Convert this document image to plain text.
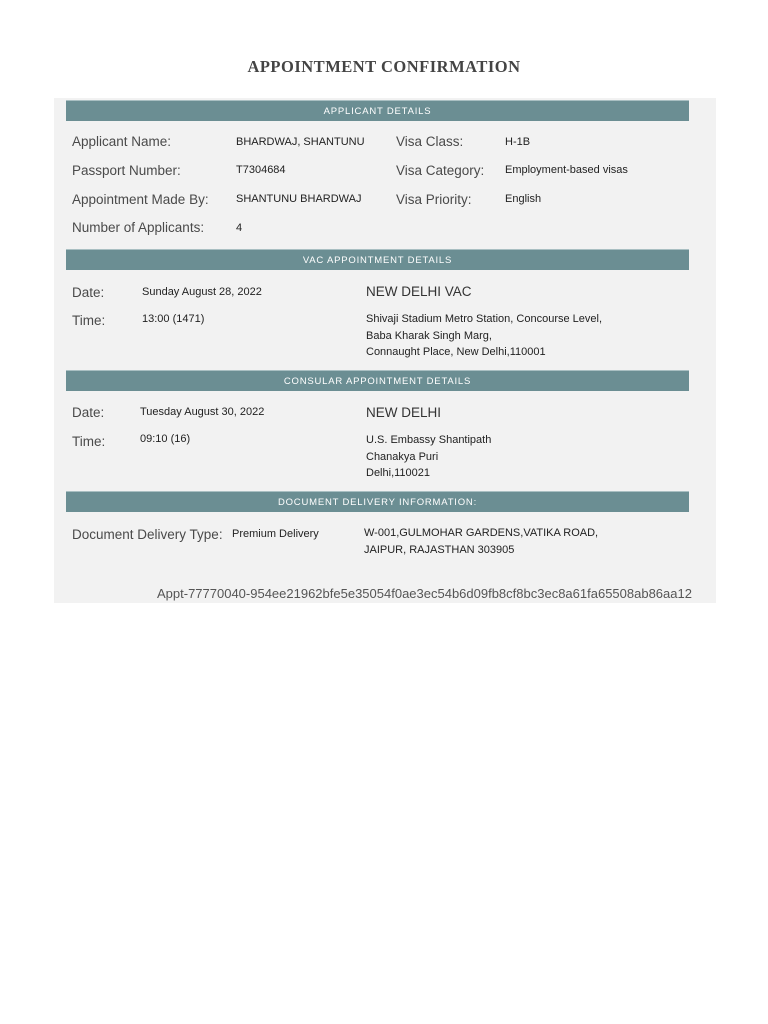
APPOINTMENT CONFIRMATION
APPLICANT DETAILS
Applicant Name:	BHARDWAJ, SHANTUNU Visa Class:	H-1B
Passport Number:	T7304684	Visa Category: Employment-based visas
Appointment Made By: SHANTUNU BHARDWAJ	Visa Priority:	English
Number of Applicants:	4
VAC APPOINTMENT DETAILS
Date:	Sunday August 28, 2022	NEW DELHI VAC
Time:	13:00 (1471)	Shivaji Stadium Metro Station, Concourse Level,
Baba Kharak Singh Marg,
Connaught Place, New Delhi,110001
CONSULAR APPOINTMENT DETAILS
Date:	Tuesday August 30, 2022	NEW DELHI
Time:	09:10 (16)	U.S. Embassy Shantipath
Chanakya Puri
Delhi,110021
DOCUMENT DELIVERY INFORMATION:
Document Delivery Type: Premium Delivery	W-001,GULMOHAR GARDENS,VATIKA ROAD,
JAIPUR, RAJASTHAN 303905
Appt-77770040-954ee21962bfe5e35054f0ae3ec54b6d09fb8cf8bc3ec8a61fa65508ab86aa12
